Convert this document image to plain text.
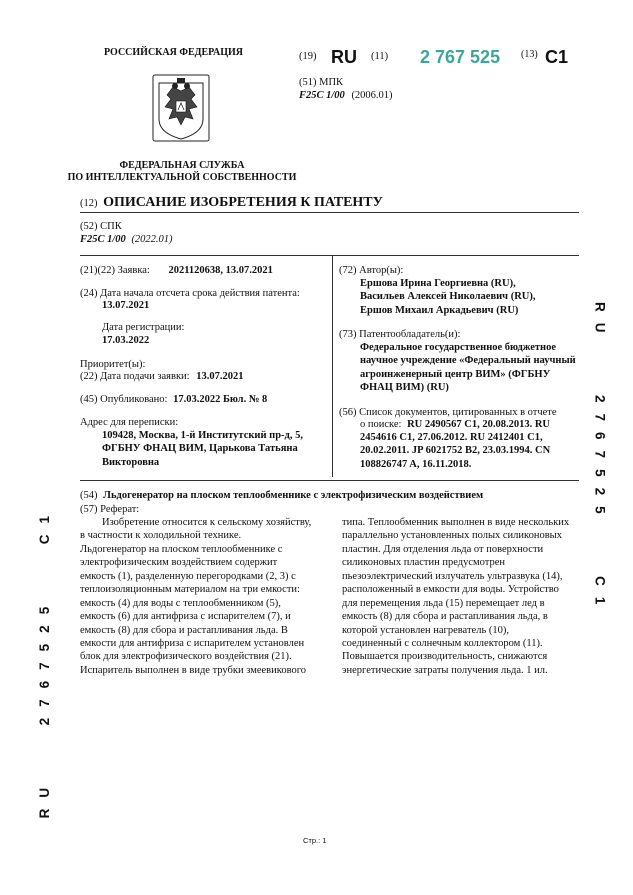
РОССИЙСКАЯ ФЕДЕРАЦИЯ
ФЕДЕРАЛЬНАЯ СЛУЖБА
ПО ИНТЕЛЛЕКТУАЛЬНОЙ СОБСТВЕННОСТИ
(19) RU (11) 2 767 525 (13) C1
(51) МПК
F25C 1/00 (2006.01)
(12) ОПИСАНИЕ ИЗОБРЕТЕНИЯ К ПАТЕНТУ
(52) СПК
F25C 1/00 (2022.01)
(21)(22) Заявка: 2021120638, 13.07.2021
(24) Дата начала отсчета срока действия патента:
13.07.2021
Дата регистрации:
17.03.2022
Приоритет(ы):
(22) Дата подачи заявки: 13.07.2021
(45) Опубликовано: 17.03.2022 Бюл. № 8
Адрес для переписки:
109428, Москва, 1-й Институтский пр-д, 5,
ФГБНУ ФНАЦ ВИМ, Царькова Татьяна
Викторовна
(72) Автор(ы):
Ершова Ирина Георгиевна (RU),
Васильев Алексей Николаевич (RU),
Ершов Михаил Аркадьевич (RU)
(73) Патентообладатель(и):
Федеральное государственное бюджетное
научное учреждение «Федеральный научный
агроинженерный центр ВИМ» (ФГБНУ
ФНАЦ ВИМ) (RU)
(56) Список документов, цитированных в отчете
о поиске: RU 2490567 C1, 20.08.2013. RU
2454616 C1, 27.06.2012. RU 2412401 C1,
20.02.2011. JP 6021752 B2, 23.03.1994. CN
108826747 A, 16.11.2018.
(54) Льдогенератор на плоском теплообменнике с электрофизическим воздействием
(57) Реферат:
Изобретение относится к сельскому хозяйству,
в частности к холодильной технике.
Льдогенератор на плоском теплообменнике с
электрофизическим воздействием содержит
емкость (1), разделенную перегородками (2, 3) с
теплоизоляционным материалом на три емкости:
емкость (4) для воды с теплообменником (5),
емкость (6) для антифриза с испарителем (7), и
емкость (8) для сбора и растапливания льда. В
емкости для антифриза с испарителем установлен
блок для электрофизического воздействия (21).
Испаритель выполнен в виде трубки змеевикового
типа. Теплообменник выполнен в виде нескольких
параллельно установленных полых силиконовых
пластин. Для отделения льда от поверхности
силиконовых пластин предусмотрен
пьезоэлектрический излучатель ультразвука (14),
расположенный в емкости для воды. Устройство
для перемещения льда (15) перемещает лед в
емкость (8) для сбора и растапливания льда, в
которой установлен нагреватель (10),
соединенный с солнечным коллектором (11).
Повышается производительность, снижаются
энергетические затраты получения льда. 1 ил.
RU  2767525  C1
RU  2767525  C1
Стр.: 1
